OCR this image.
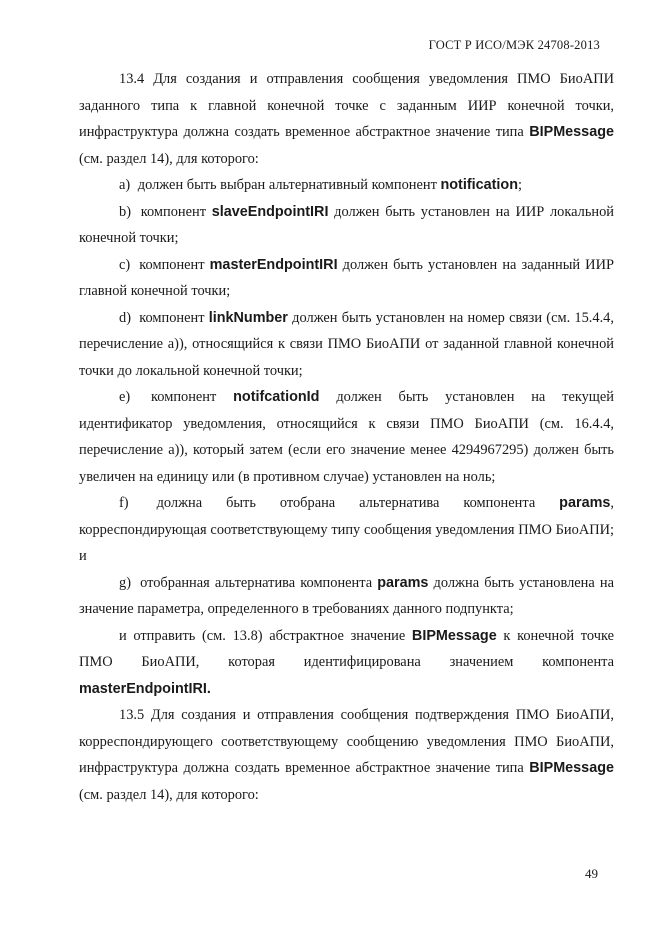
ГОСТ Р ИСО/МЭК 24708-2013

13.4 Для создания и отправления сообщения уведомления ПМО БиоАПИ заданного типа к главной конечной точке с заданным ИИР конечной точки, инфраструктура должна создать временное абстрактное значение типа BIPMessage (см. раздел 14), для которого:

a) должен быть выбран альтернативный компонент notification;

b) компонент slaveEndpointIRI должен быть установлен на ИИР локальной конечной точки;

c) компонент masterEndpointIRI должен быть установлен на заданный ИИР главной конечной точки;

d) компонент linkNumber должен быть установлен на номер связи (см. 15.4.4, перечисление a)), относящийся к связи ПМО БиоАПИ от заданной главной конечной точки до локальной конечной точки;

e) компонент notifcationId должен быть установлен на текущей идентификатор уведомления, относящийся к связи ПМО БиоАПИ (см. 16.4.4, перечисление a)), который затем (если его значение менее 4294967295) должен быть увеличен на единицу или (в противном случае) установлен на ноль;

f) должна быть отобрана альтернатива компонента params, корреспондирующая соответствующему типу сообщения уведомления ПМО БиоАПИ; и

g) отобранная альтернатива компонента params должна быть установлена на значение параметра, определенного в требованиях данного подпункта;

и отправить (см. 13.8) абстрактное значение BIPMessage к конечной точке ПМО БиоАПИ, которая идентифицирована значением компонента masterEndpointIRI.

13.5 Для создания и отправления сообщения подтверждения ПМО БиоАПИ, корреспондирующего соответствующему сообщению уведомления ПМО БиоАПИ, инфраструктура должна создать временное абстрактное значение типа BIPMessage (см. раздел 14), для которого:

49
